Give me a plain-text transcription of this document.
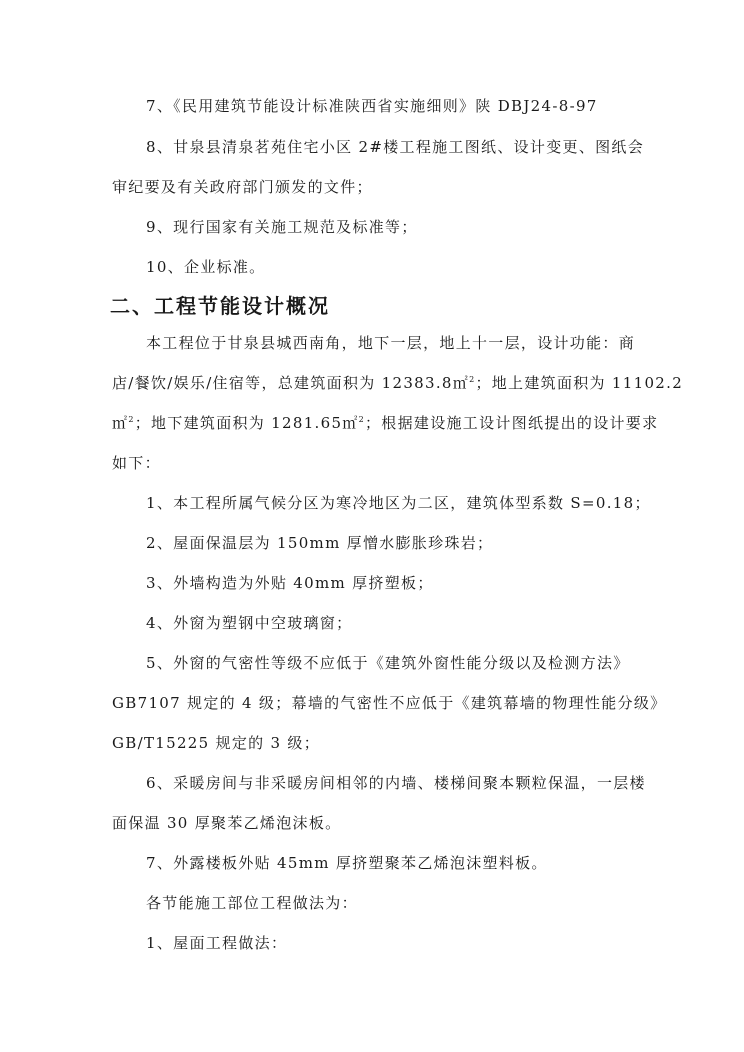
7、《民用建筑节能设计标准陕西省实施细则》陕 DBJ24-8-97
8、甘泉县清泉茗苑住宅小区 2#楼工程施工图纸、设计变更、图纸会
审纪要及有关政府部门颁发的文件；
9、现行国家有关施工规范及标准等；
10、企业标准。
二、工程节能设计概况
本工程位于甘泉县城西南角，地下一层，地上十一层，设计功能：商
店/餐饮/娱乐/住宿等，总建筑面积为 12383.8㎡$^2$；地上建筑面积为 11102.2
㎡$^2$；地下建筑面积为 1281.65㎡$^2$；根据建设施工设计图纸提出的设计要求
如下：
1、本工程所属气候分区为寒冷地区为二区，建筑体型系数 S=0.18；
2、屋面保温层为 150mm 厚憎水膨胀珍珠岩；
3、外墙构造为外贴 40mm 厚挤塑板；
4、外窗为塑钢中空玻璃窗；
5、外窗的气密性等级不应低于《建筑外窗性能分级以及检测方法》
GB7107 规定的 4 级；幕墙的气密性不应低于《建筑幕墙的物理性能分级》
GB/T15225 规定的 3 级；
6、采暖房间与非采暖房间相邻的内墙、楼梯间聚本颗粒保温，一层楼
面保温 30 厚聚苯乙烯泡沫板。
7、外露楼板外贴 45mm 厚挤塑聚苯乙烯泡沫塑料板。
各节能施工部位工程做法为：
1、屋面工程做法：
